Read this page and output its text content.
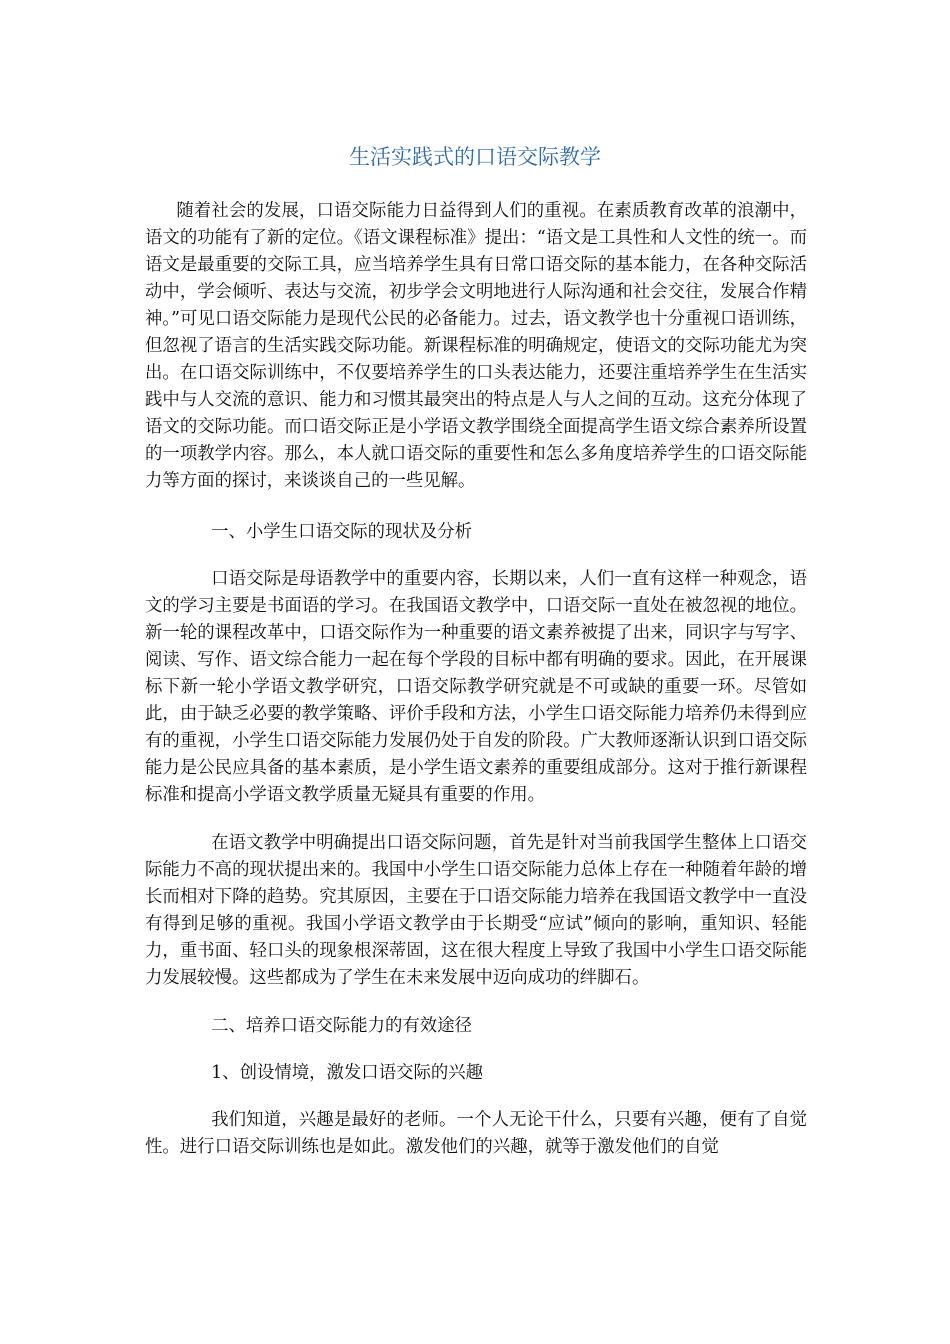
生活实践式的口语交际教学

随着社会的发展，口语交际能力日益得到人们的重视。在素质教育改革的浪潮中，语文的功能有了新的定位。《语文课程标准》提出：“语文是工具性和人文性的统一。而语文是最重要的交际工具，应当培养学生具有日常口语交际的基本能力，在各种交际活动中，学会倾听、表达与交流，初步学会文明地进行人际沟通和社会交往，发展合作精神。”可见口语交际能力是现代公民的必备能力。过去，语文教学也十分重视口语训练，但忽视了语言的生活实践交际功能。新课程标准的明确规定，使语文的交际功能尤为突出。在口语交际训练中，不仅要培养学生的口头表达能力，还要注重培养学生在生活实践中与人交流的意识、能力和习惯其最突出的特点是人与人之间的互动。这充分体现了语文的交际功能。而口语交际正是小学语文教学围绕全面提高学生语文综合素养所设置的一项教学内容。那么，本人就口语交际的重要性和怎么多角度培养学生的口语交际能力等方面的探讨，来谈谈自己的一些见解。

一、小学生口语交际的现状及分析

口语交际是母语教学中的重要内容，长期以来，人们一直有这样一种观念，语文的学习主要是书面语的学习。在我国语文教学中，口语交际一直处在被忽视的地位。新一轮的课程改革中，口语交际作为一种重要的语文素养被提了出来，同识字与写字、阅读、写作、语文综合能力一起在每个学段的目标中都有明确的要求。因此，在开展课标下新一轮小学语文教学研究，口语交际教学研究就是不可或缺的重要一环。尽管如此，由于缺乏必要的教学策略、评价手段和方法，小学生口语交际能力培养仍未得到应有的重视，小学生口语交际能力发展仍处于自发的阶段。广大教师逐渐认识到口语交际能力是公民应具备的基本素质，是小学生语文素养的重要组成部分。这对于推行新课程标准和提高小学语文教学质量无疑具有重要的作用。

在语文教学中明确提出口语交际问题，首先是针对当前我国学生整体上口语交际能力不高的现状提出来的。我国中小学生口语交际能力总体上存在一种随着年龄的增长而相对下降的趋势。究其原因，主要在于口语交际能力培养在我国语文教学中一直没有得到足够的重视。我国小学语文教学由于长期受“应试”倾向的影响，重知识、轻能力，重书面、轻口头的现象根深蒂固，这在很大程度上导致了我国中小学生口语交际能力发展较慢。这些都成为了学生在未来发展中迈向成功的绊脚石。

二、培养口语交际能力的有效途径

1、创设情境，激发口语交际的兴趣

我们知道，兴趣是最好的老师。一个人无论干什么，只要有兴趣，便有了自觉性。进行口语交际训练也是如此。激发他们的兴趣，就等于激发他们的自觉
